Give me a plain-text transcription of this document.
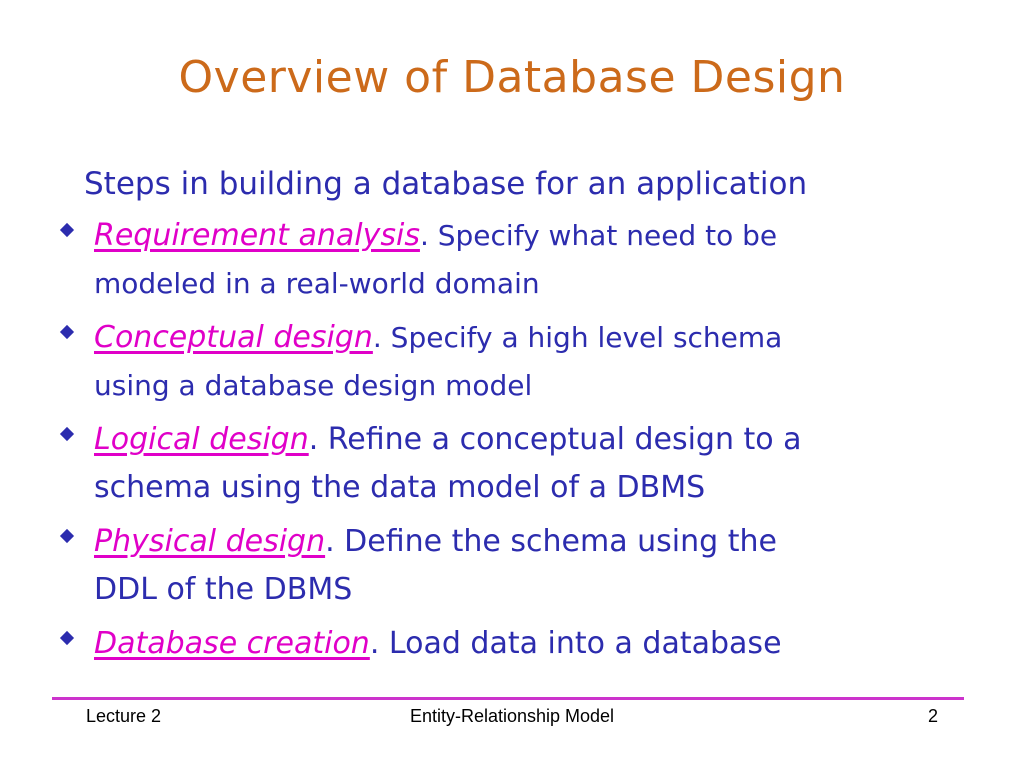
Overview of Database Design
Steps in building a database for an application
Requirement analysis. Specify what need to be
modeled in a real-world domain
Conceptual design. Specify a high level schema
using a database design model
Logical design. Refine a conceptual design to a
schema using the data model of a DBMS
Physical design. Define the schema using the
DDL of the DBMS
Database creation. Load data into a database
Lecture 2	Entity-Relationship Model	2
